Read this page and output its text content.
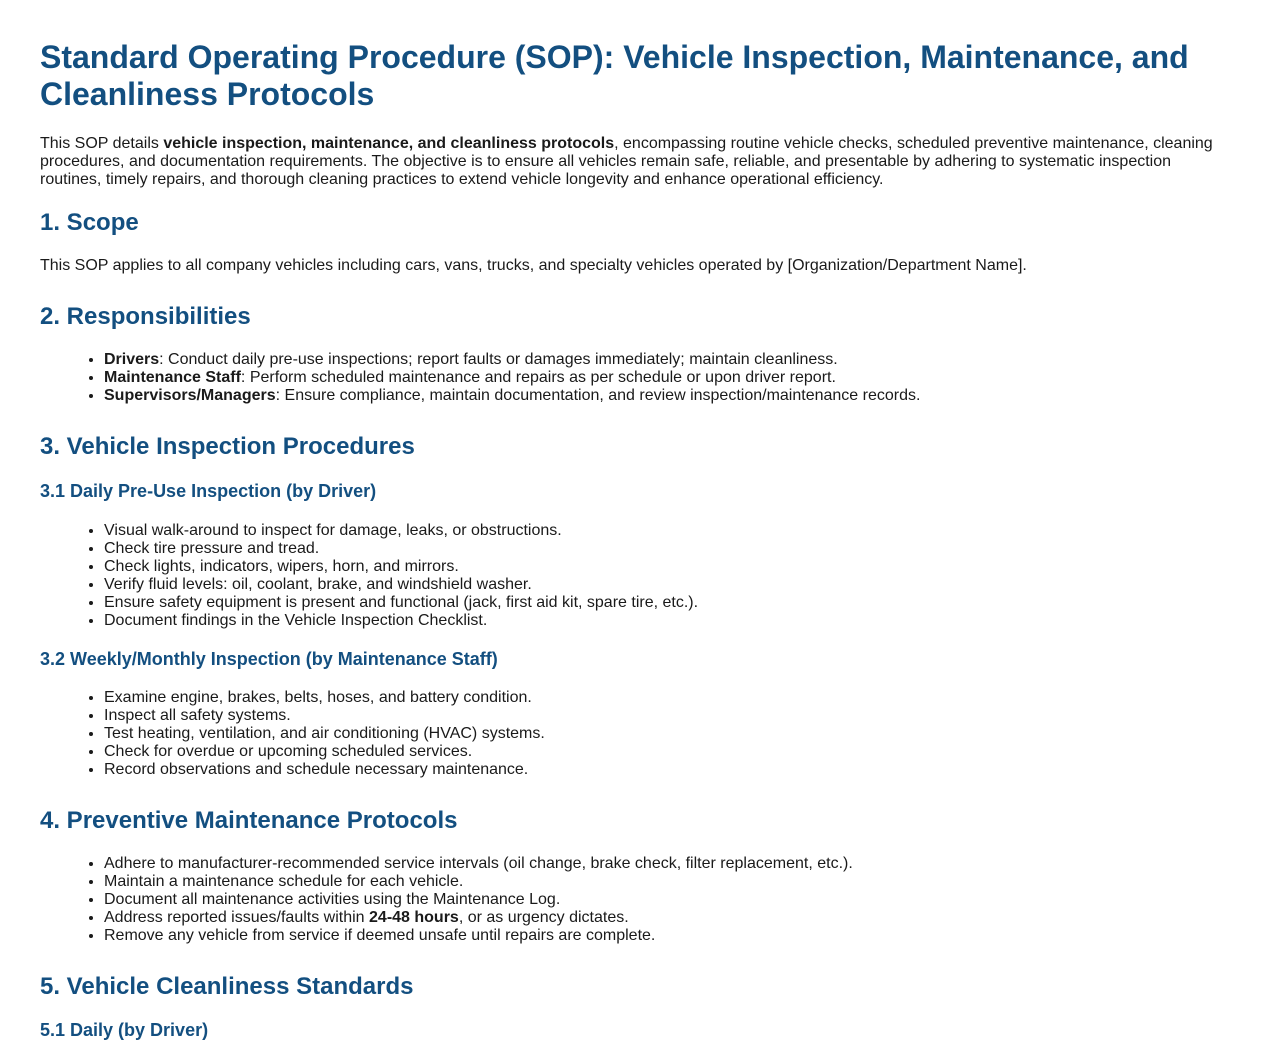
Standard Operating Procedure (SOP): Vehicle Inspection, Maintenance, and Cleanliness Protocols

This SOP details vehicle inspection, maintenance, and cleanliness protocols, encompassing routine vehicle checks, scheduled preventive maintenance, cleaning procedures, and documentation requirements. The objective is to ensure all vehicles remain safe, reliable, and presentable by adhering to systematic inspection routines, timely repairs, and thorough cleaning practices to extend vehicle longevity and enhance operational efficiency.

1. Scope

This SOP applies to all company vehicles including cars, vans, trucks, and specialty vehicles operated by [Organization/Department Name].

2. Responsibilities
• Drivers: Conduct daily pre-use inspections; report faults or damages immediately; maintain cleanliness.
• Maintenance Staff: Perform scheduled maintenance and repairs as per schedule or upon driver report.
• Supervisors/Managers: Ensure compliance, maintain documentation, and review inspection/maintenance records.
3. Vehicle Inspection Procedures
3.1 Daily Pre-Use Inspection (by Driver)
• Visual walk-around to inspect for damage, leaks, or obstructions.
• Check tire pressure and tread.
• Check lights, indicators, wipers, horn, and mirrors.
• Verify fluid levels: oil, coolant, brake, and windshield washer.
• Ensure safety equipment is present and functional (jack, first aid kit, spare tire, etc.).
• Document findings in the Vehicle Inspection Checklist.
3.2 Weekly/Monthly Inspection (by Maintenance Staff)
• Examine engine, brakes, belts, hoses, and battery condition.
• Inspect all safety systems.
• Test heating, ventilation, and air conditioning (HVAC) systems.
• Check for overdue or upcoming scheduled services.
• Record observations and schedule necessary maintenance.
4. Preventive Maintenance Protocols
• Adhere to manufacturer-recommended service intervals (oil change, brake check, filter replacement, etc.).
• Maintain a maintenance schedule for each vehicle.
• Document all maintenance activities using the Maintenance Log.
• Address reported issues/faults within 24-48 hours, or as urgency dictates.
• Remove any vehicle from service if deemed unsafe until repairs are complete.
5. Vehicle Cleanliness Standards
5.1 Daily (by Driver)
